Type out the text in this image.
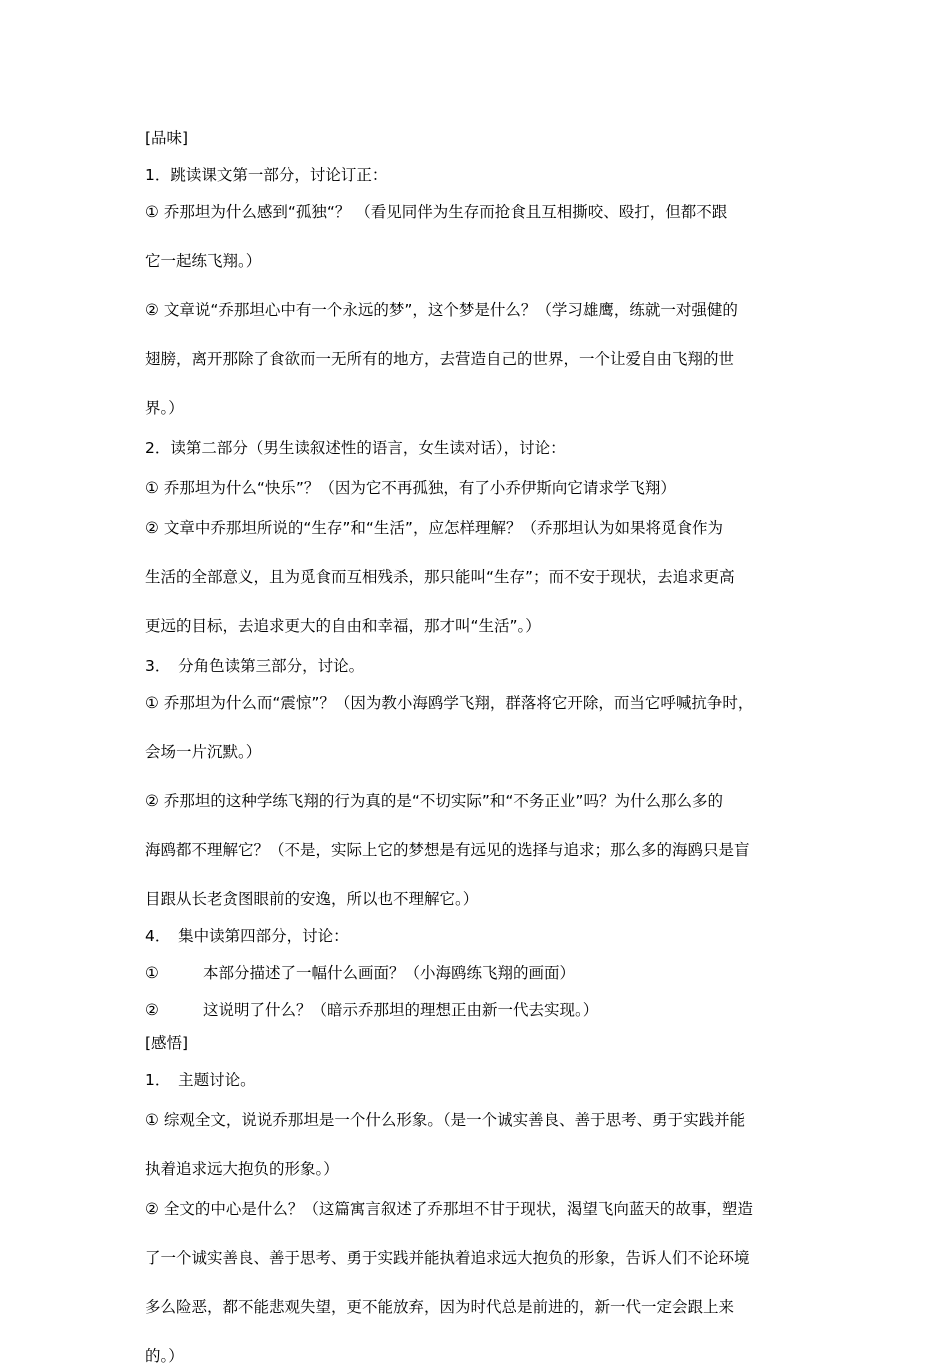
[品味]
1．跳读课文第一部分，讨论订正：
① 乔那坦为什么感到“孤独“？ （看见同伴为生存而抢食且互相撕咬、殴打，但都不跟
它一起练飞翔。）
② 文章说“乔那坦心中有一个永远的梦”，这个梦是什么？（学习雄鹰，练就一对强健的
翅膀，离开那除了食欲而一无所有的地方，去营造自己的世界，一个让爱自由飞翔的世
界。）
2．读第二部分（男生读叙述性的语言，女生读对话），讨论：
① 乔那坦为什么“快乐”？（因为它不再孤独，有了小乔伊斯向它请求学飞翔）
② 文章中乔那坦所说的“生存”和“生活”，应怎样理解？（乔那坦认为如果将觅食作为
生活的全部意义，且为觅食而互相残杀，那只能叫“生存”；而不安于现状，去追求更高
更远的目标，去追求更大的自由和幸福，那才叫“生活”。）
3．　分角色读第三部分，讨论。
① 乔那坦为什么而“震惊”？（因为教小海鸥学飞翔，群落将它开除，而当它呼喊抗争时，
会场一片沉默。）
② 乔那坦的这种学练飞翔的行为真的是“不切实际”和“不务正业”吗？为什么那么多的
海鸥都不理解它？（不是，实际上它的梦想是有远见的选择与追求；那么多的海鸥只是盲
目跟从长老贪图眼前的安逸，所以也不理解它。）
4．　集中读第四部分，讨论：
①	本部分描述了一幅什么画面？（小海鸥练飞翔的画面）
②	这说明了什么？（暗示乔那坦的理想正由新一代去实现。）
[感悟]
1．　主题讨论。
① 综观全文，说说乔那坦是一个什么形象。（是一个诚实善良、善于思考、勇于实践并能
执着追求远大抱负的形象。）
② 全文的中心是什么？（这篇寓言叙述了乔那坦不甘于现状，渴望飞向蓝天的故事，塑造
了一个诚实善良、善于思考、勇于实践并能执着追求远大抱负的形象，告诉人们不论环境
多么险恶，都不能悲观失望，更不能放弃，因为时代总是前进的，新一代一定会跟上来
的。）
